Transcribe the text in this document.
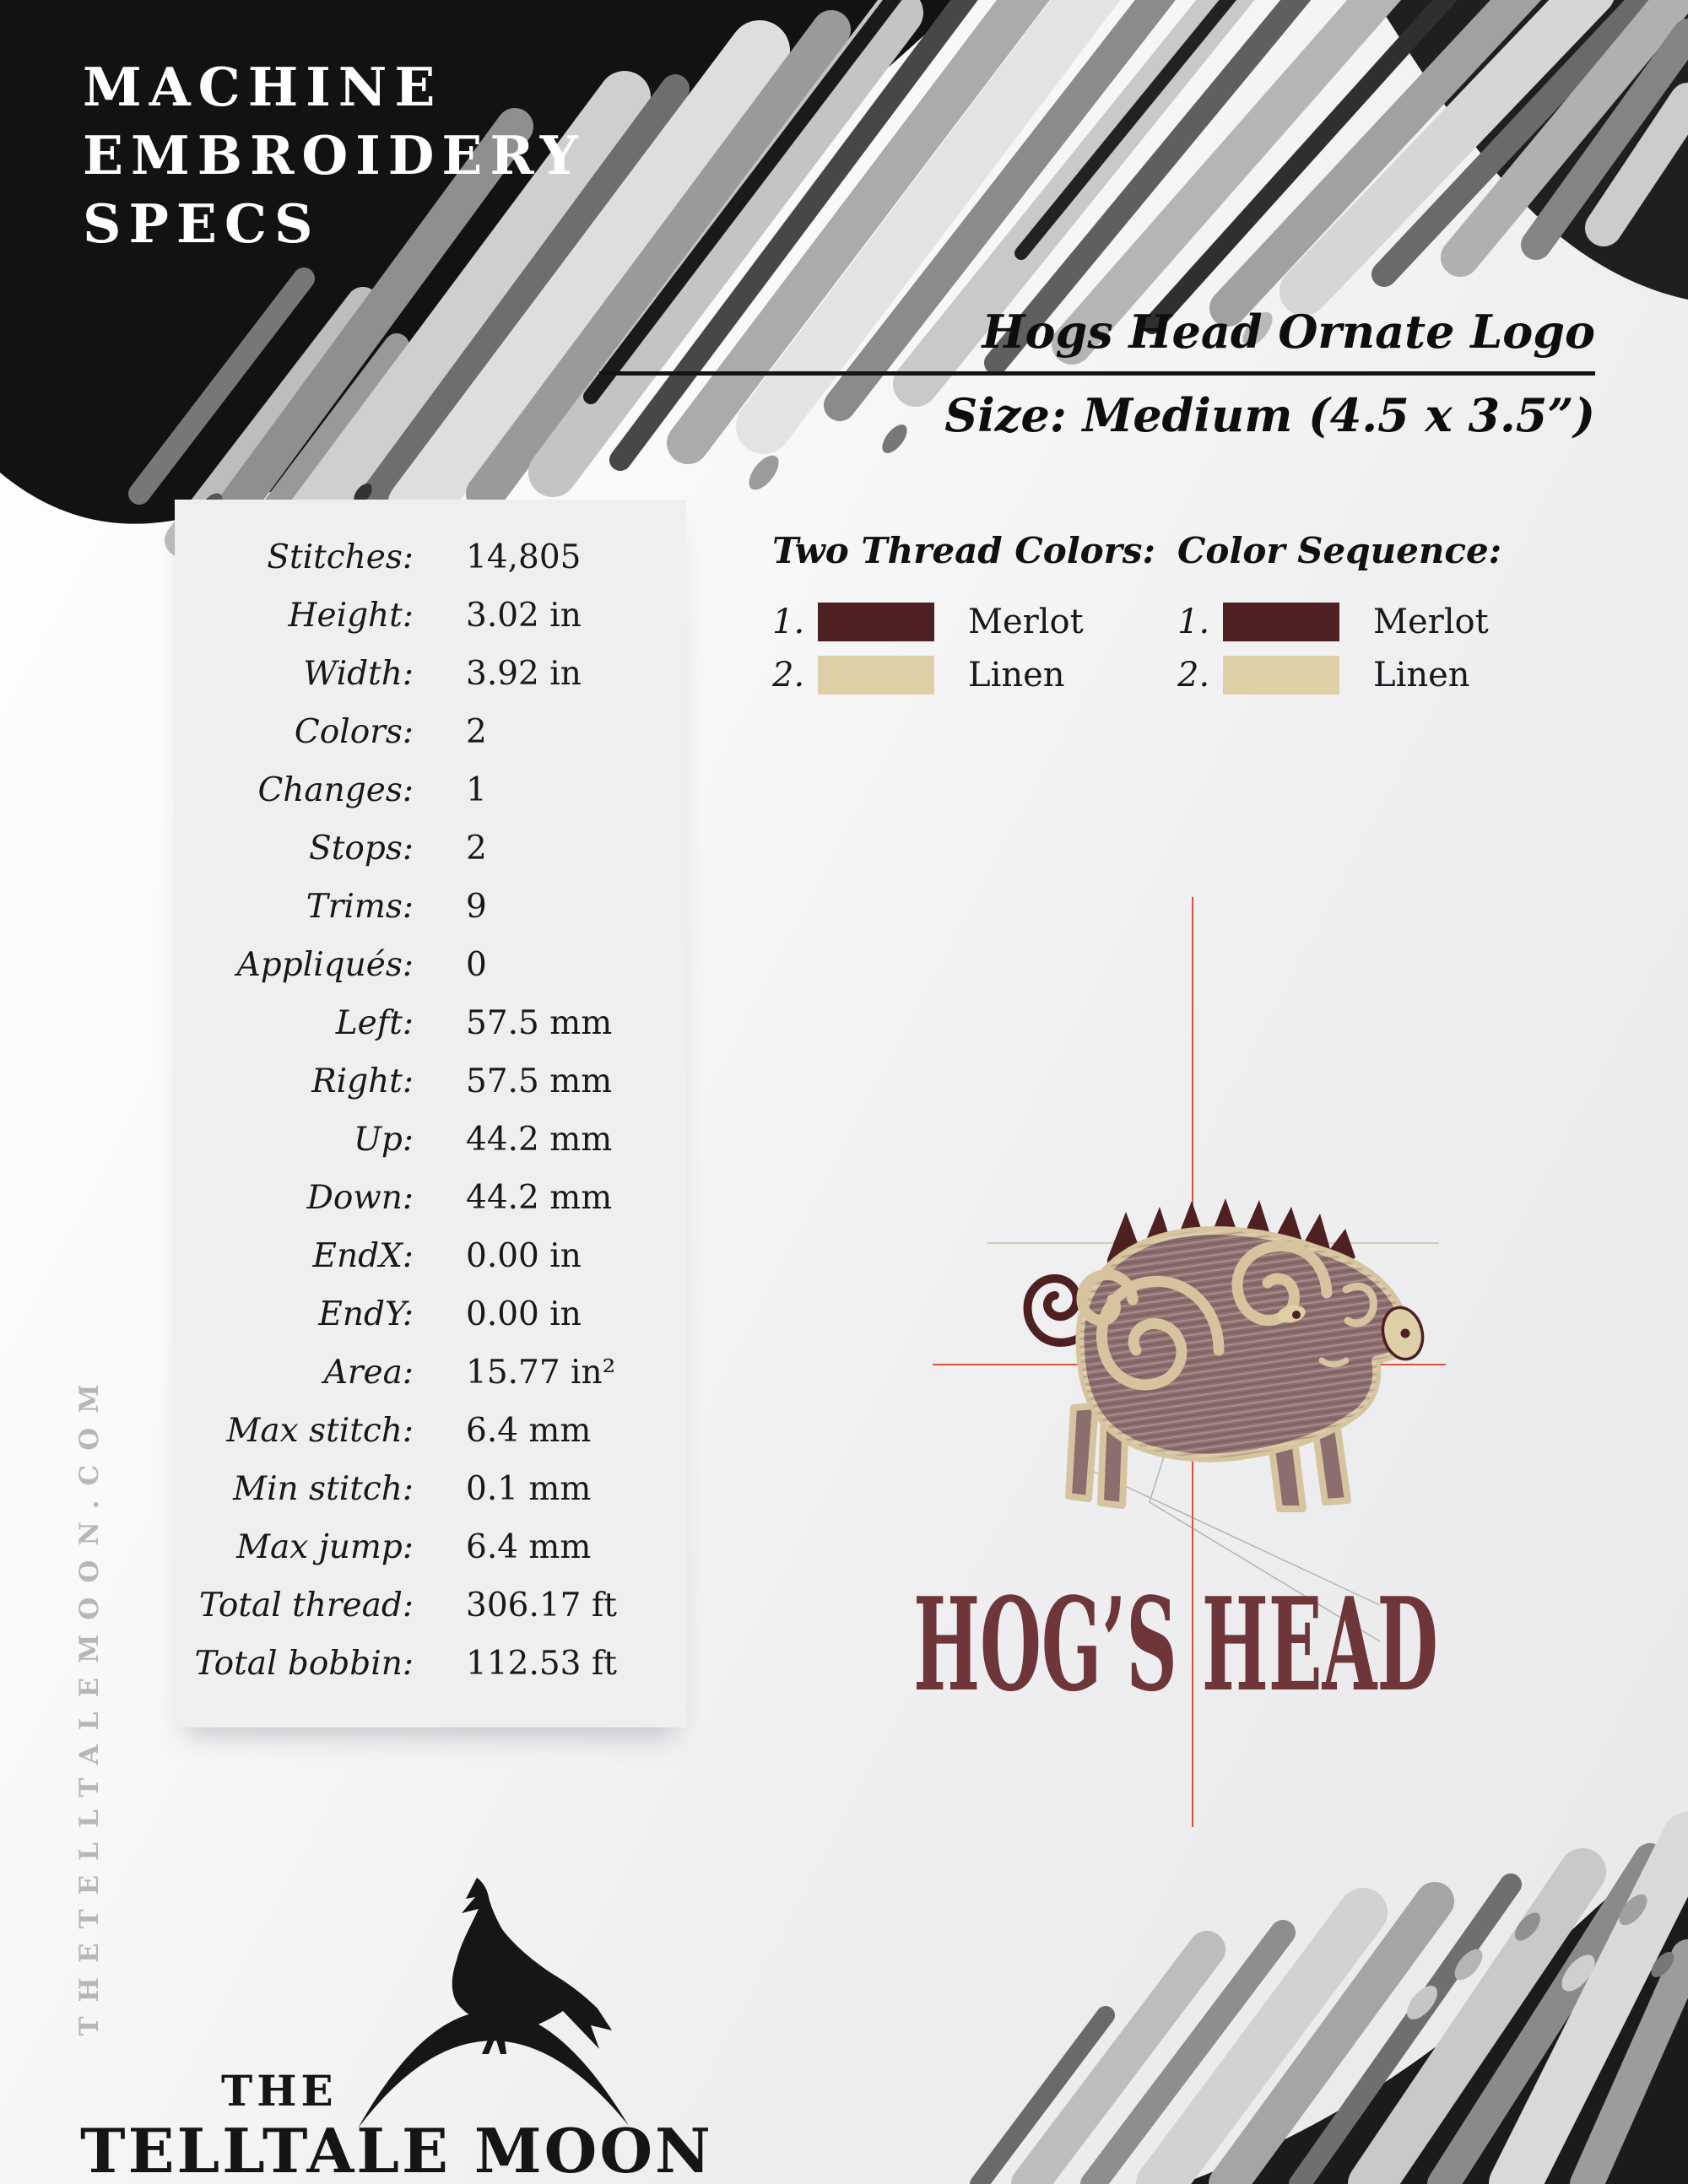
MACHINE
EMBROIDERY
SPECS
Hogs Head Ornate Logo
Size: Medium (4.5 x 3.5”)
Stitches: 14,805
Height: 3.02 in
Width: 3.92 in
Colors: 2
Changes: 1
Stops: 2
Trims: 9
Appliqués: 0
Left: 57.5 mm
Right: 57.5 mm
Up: 44.2 mm
Down: 44.2 mm
EndX: 0.00 in
EndY: 0.00 in
Area: 15.77 in²
Max stitch: 6.4 mm
Min stitch: 0.1 mm
Max jump: 6.4 mm
Total thread: 306.17 ft
Total bobbin: 112.53 ft
Two Thread Colors:
1.	Merlot
2.	Linen
Color Sequence:
1.	Merlot
2.	Linen
HOG’S HEAD
THETELLTALEMOON.COM
THE
TELLTALE MOON
